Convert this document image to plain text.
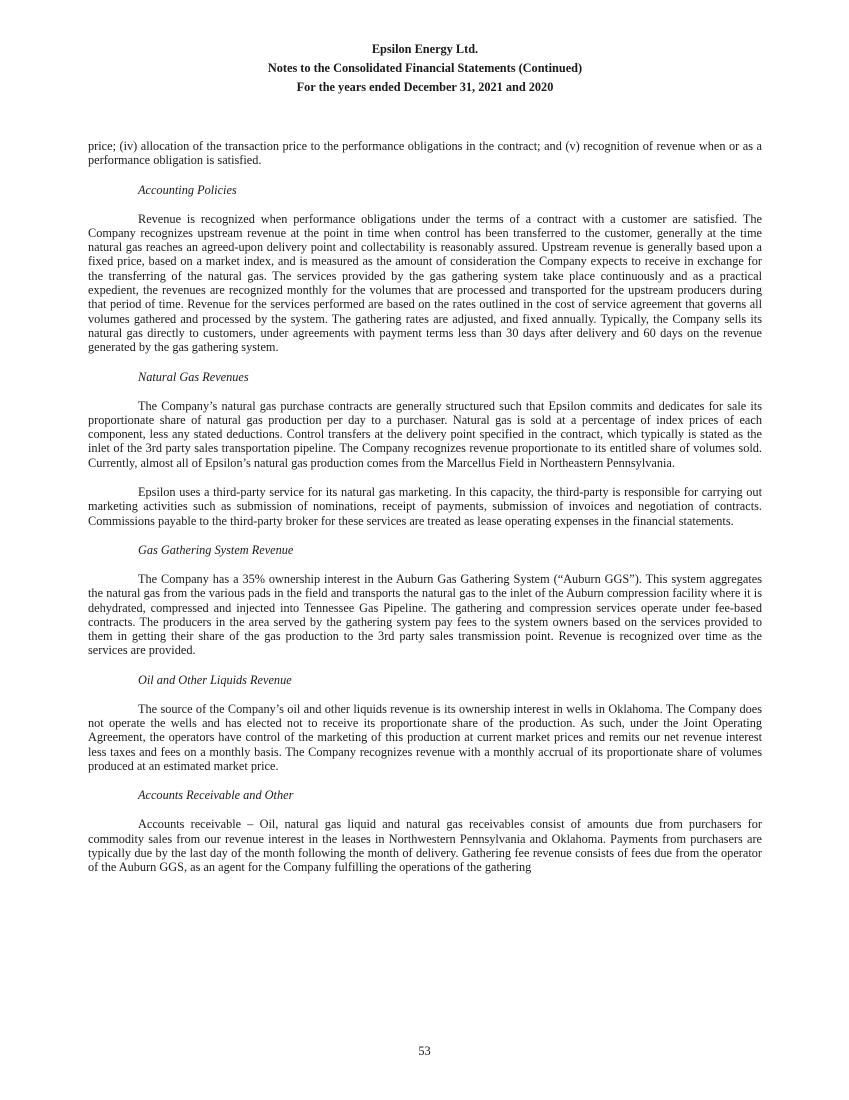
Epsilon Energy Ltd.
Notes to the Consolidated Financial Statements (Continued)
For the years ended December 31, 2021 and 2020

price; (iv) allocation of the transaction price to the performance obligations in the contract; and (v) recognition of revenue when or as a performance obligation is satisfied.

Accounting Policies

Revenue is recognized when performance obligations under the terms of a contract with a customer are satisfied. The Company recognizes upstream revenue at the point in time when control has been transferred to the customer, generally at the time natural gas reaches an agreed-upon delivery point and collectability is reasonably assured. Upstream revenue is generally based upon a fixed price, based on a market index, and is measured as the amount of consideration the Company expects to receive in exchange for the transferring of the natural gas. The services provided by the gas gathering system take place continuously and as a practical expedient, the revenues are recognized monthly for the volumes that are processed and transported for the upstream producers during that period of time. Revenue for the services performed are based on the rates outlined in the cost of service agreement that governs all volumes gathered and processed by the system. The gathering rates are adjusted, and fixed annually. Typically, the Company sells its natural gas directly to customers, under agreements with payment terms less than 30 days after delivery and 60 days on the revenue generated by the gas gathering system.

Natural Gas Revenues

The Company’s natural gas purchase contracts are generally structured such that Epsilon commits and dedicates for sale its proportionate share of natural gas production per day to a purchaser. Natural gas is sold at a percentage of index prices of each component, less any stated deductions. Control transfers at the delivery point specified in the contract, which typically is stated as the inlet of the 3rd party sales transportation pipeline. The Company recognizes revenue proportionate to its entitled share of volumes sold. Currently, almost all of Epsilon’s natural gas production comes from the Marcellus Field in Northeastern Pennsylvania.

Epsilon uses a third-party service for its natural gas marketing. In this capacity, the third-party is responsible for carrying out marketing activities such as submission of nominations, receipt of payments, submission of invoices and negotiation of contracts. Commissions payable to the third-party broker for these services are treated as lease operating expenses in the financial statements.

Gas Gathering System Revenue

The Company has a 35% ownership interest in the Auburn Gas Gathering System (“Auburn GGS”). This system aggregates the natural gas from the various pads in the field and transports the natural gas to the inlet of the Auburn compression facility where it is dehydrated, compressed and injected into Tennessee Gas Pipeline. The gathering and compression services operate under fee-based contracts. The producers in the area served by the gathering system pay fees to the system owners based on the services provided to them in getting their share of the gas production to the 3rd party sales transmission point. Revenue is recognized over time as the services are provided.

Oil and Other Liquids Revenue

The source of the Company’s oil and other liquids revenue is its ownership interest in wells in Oklahoma. The Company does not operate the wells and has elected not to receive its proportionate share of the production. As such, under the Joint Operating Agreement, the operators have control of the marketing of this production at current market prices and remits our net revenue interest less taxes and fees on a monthly basis. The Company recognizes revenue with a monthly accrual of its proportionate share of volumes produced at an estimated market price.

Accounts Receivable and Other

Accounts receivable – Oil, natural gas liquid and natural gas receivables consist of amounts due from purchasers for commodity sales from our revenue interest in the leases in Northwestern Pennsylvania and Oklahoma. Payments from purchasers are typically due by the last day of the month following the month of delivery. Gathering fee revenue consists of fees due from the operator of the Auburn GGS, as an agent for the Company fulfilling the operations of the gathering

53
